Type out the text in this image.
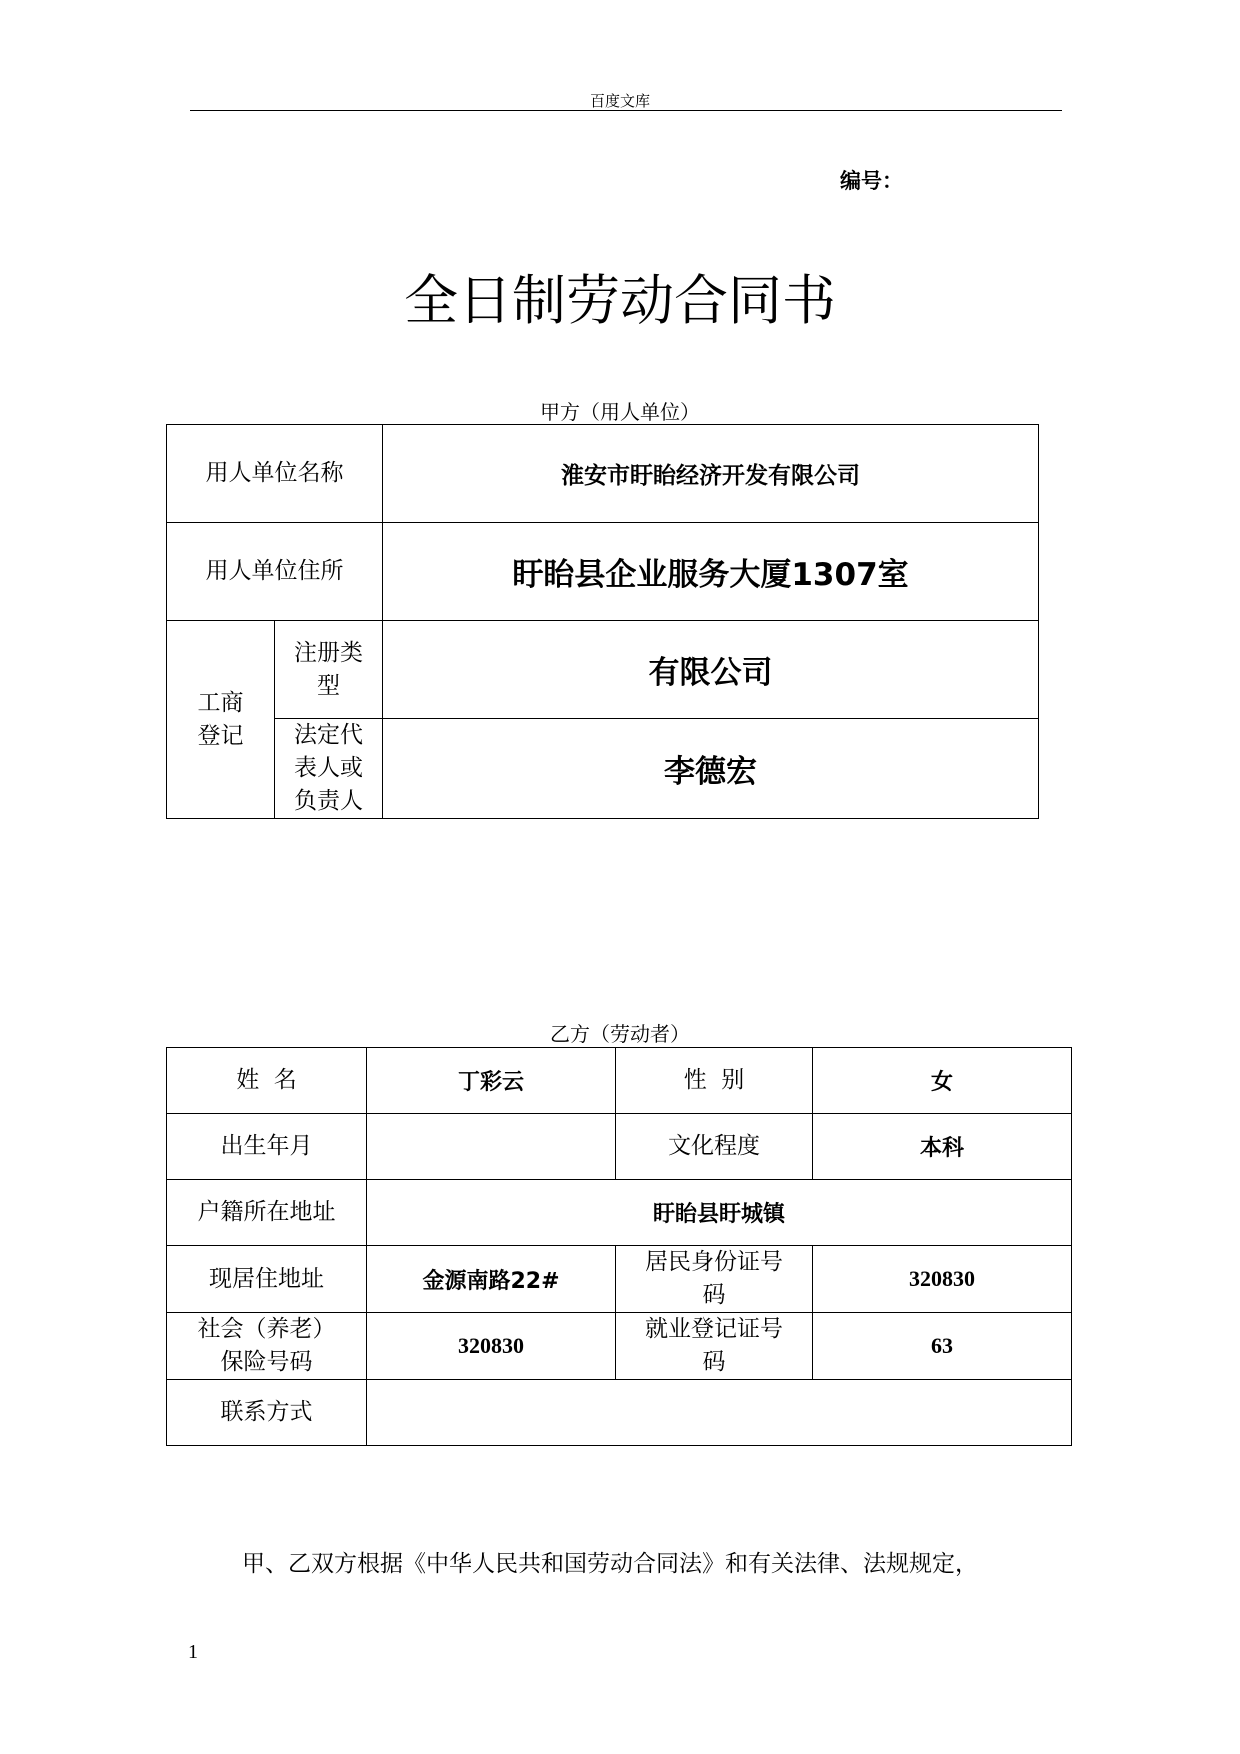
百度文库
编号：
全日制劳动合同书
甲方（用人单位）
用人单位名称		淮安市盱眙经济开发有限公司
用人单位住所		盱眙县企业服务大厦1307室
工商登记	注册类型	有限公司
	法定代表人或负责人	李德宏
乙方（劳动者）
姓  名	丁彩云	性  别	女
出生年月		文化程度	本科
户籍所在地址	盱眙县盱城镇		
现居住地址	金源南路22#	居民身份证号码	320830
社会（养老）保险号码	320830	就业登记证号码	63
联系方式			
甲、乙双方根据《中华人民共和国劳动合同法》和有关法律、法规规定，
1
